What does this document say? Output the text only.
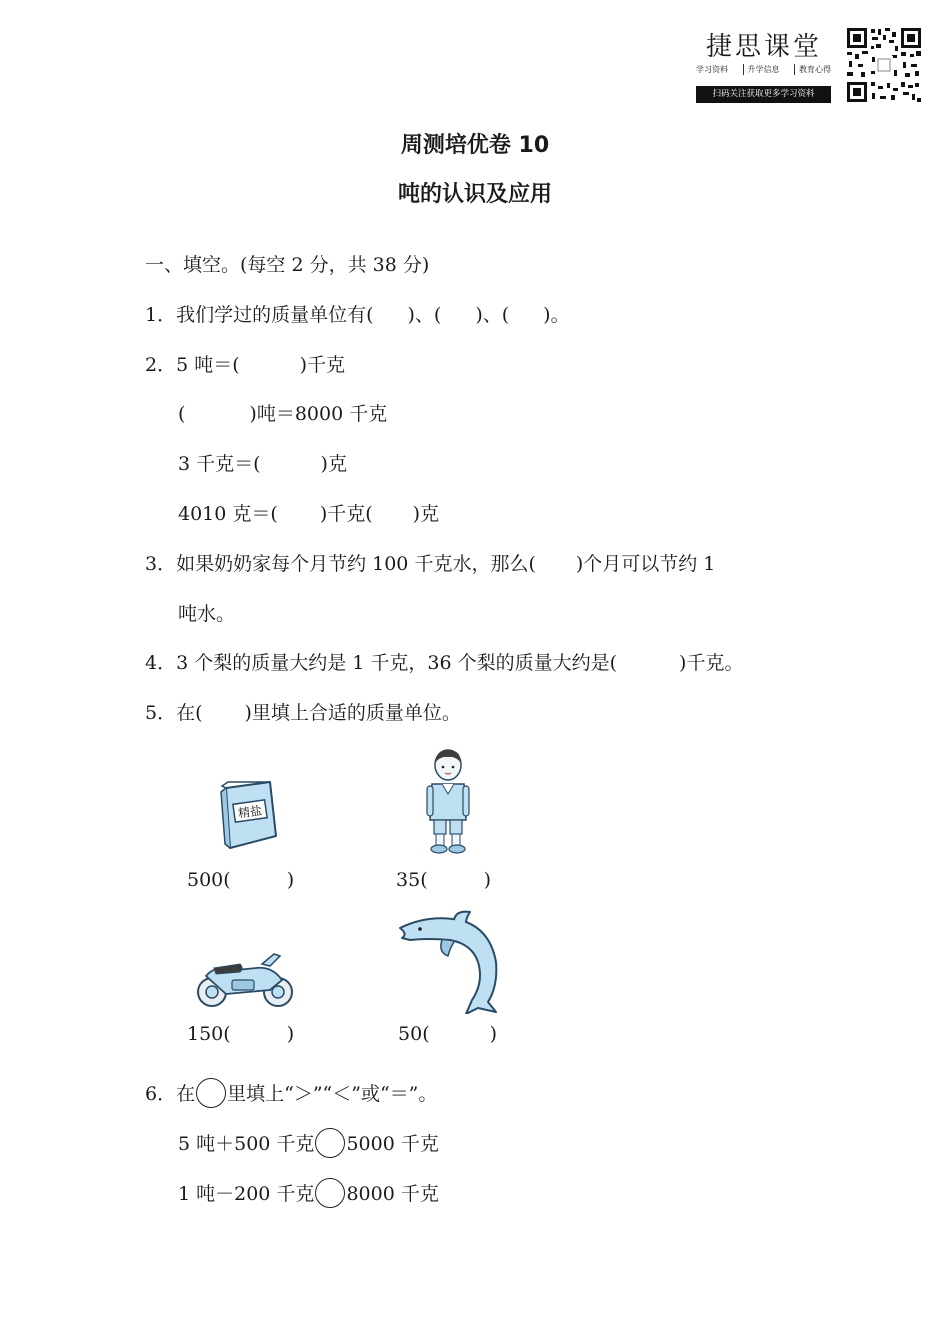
捷思课堂
学习资料	升学信息	教育心得
扫码关注获取更多学习资料
周测培优卷 10
吨的认识及应用
一、填空。(每空 2 分，共 38 分)
1．我们学过的质量单位有( )、( )、( )。
2．5 吨＝(	)千克
(	)吨＝8000 千克
3 千克＝(	)克
4010 克＝( )千克( )克
3．如果奶奶家每个月节约 100 千克水，那么( )个月可以节约 1
吨水。
4．3 个梨的质量大约是 1 千克，36 个梨的质量大约是(	)千克。
5．在( )里填上合适的质量单位。
精盐
500(	)	35(	)
150(	)	50(	)
6．在 里填上“＞”“＜”或“＝”。
5 吨＋500 千克 5000 千克
1 吨－200 千克 8000 千克
